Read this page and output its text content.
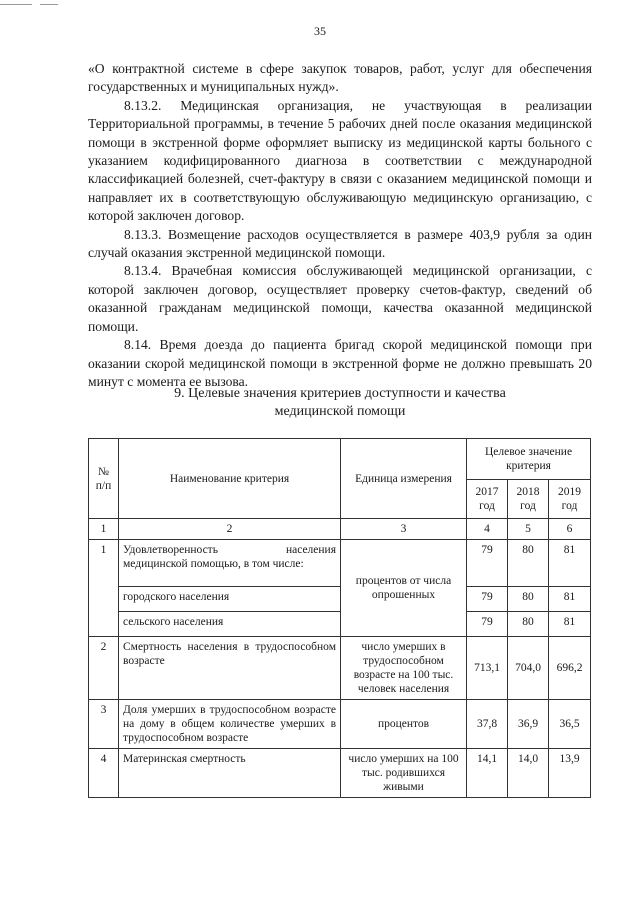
35

«О контрактной системе в сфере закупок товаров, работ, услуг для обеспечения государственных и муниципальных нужд».

8.13.2. Медицинская организация, не участвующая в реализации Территориальной программы, в течение 5 рабочих дней после оказания медицинской помощи в экстренной форме оформляет выписку из медицинской карты больного с указанием кодифицированного диагноза в соответствии с международной классификацией болезней, счет-фактуру в связи с оказанием медицинской помощи и направляет их в соответствующую обслуживающую медицинскую организацию, с которой заключен договор.

8.13.3. Возмещение расходов осуществляется в размере 403,9 рубля за один случай оказания экстренной медицинской помощи.

8.13.4. Врачебная комиссия обслуживающей медицинской организации, с которой заключен договор, осуществляет проверку счетов-фактур, сведений об оказанной гражданам медицинской помощи, качества оказанной медицинской помощи.

8.14. Время доезда до пациента бригад скорой медицинской помощи при оказании скорой медицинской помощи в экстренной форме не должно превышать 20 минут с момента ее вызова.

9. Целевые значения критериев доступности и качества
медицинской помощи
№ п/п	Наименование критерия	Единица измерения	Целевое значение критерия		
			2017 год	2018 год	2019 год
1	2	3	4	5	6
1	Удовлетворенность населения медицинской помощью, в том числе:	процентов от числа опрошенных	79	80	81
	городского населения		79	80	81
	сельского населения		79	80	81
2	Смертность населения в трудоспособном возрасте	число умерших в трудоспособном возрасте на 100 тыс. человек населения	713,1	704,0	696,2
3	Доля умерших в трудоспособном возрасте на дому в общем количестве умерших в трудоспособном возрасте	процентов	37,8	36,9	36,5
4	Материнская смертность	число умерших на 100 тыс. родившихся живыми	14,1	14,0	13,9
